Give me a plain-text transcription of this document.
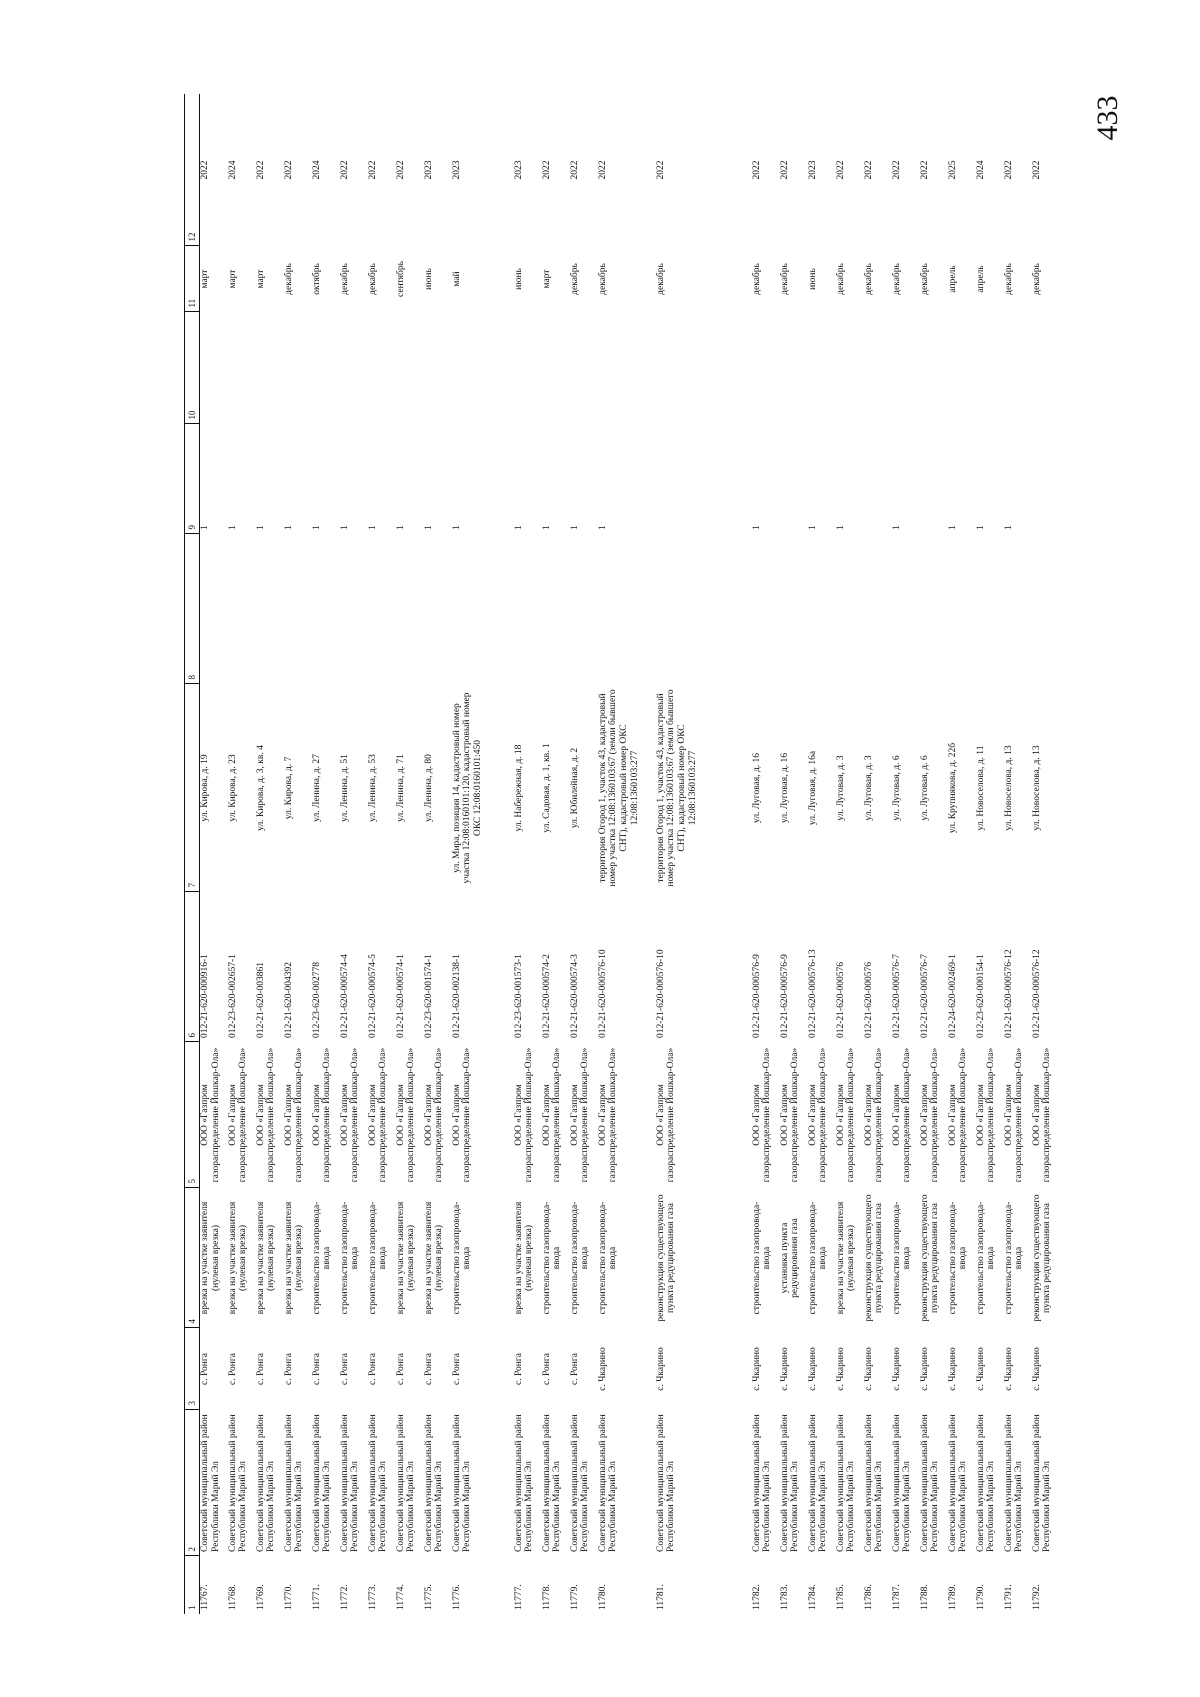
433
1	2	3	4	5	6	7	8	9	10	11	12
11767.	Советский муниципальный район Республики Марий Эл	с. Ронга	врезка на участке заявителя (нулевая врезка)	ООО «Газпром газораспределение Йошкар-Ола»	012-21-620-000916-1	ул. Кирова, д. 19		1		март	2022
11768.	Советский муниципальный район Республики Марий Эл	с. Ронга	врезка на участке заявителя (нулевая врезка)	ООО «Газпром газораспределение Йошкар-Ола»	012-23-620-002657-1	ул. Кирова, д. 23		1		март	2024
11769.	Советский муниципальный район Республики Марий Эл	с. Ронга	врезка на участке заявителя (нулевая врезка)	ООО «Газпром газораспределение Йошкар-Ола»	012-21-620-003861	ул. Кирова, д. 3, кв. 4		1		март	2022
11770.	Советский муниципальный район Республики Марий Эл	с. Ронга	врезка на участке заявителя (нулевая врезка)	ООО «Газпром газораспределение Йошкар-Ола»	012-21-620-004392	ул. Кирова, д. 7		1		декабрь	2022
11771.	Советский муниципальный район Республики Марий Эл	с. Ронга	строительство газопровода-ввода	ООО «Газпром газораспределение Йошкар-Ола»	012-23-620-002778	ул. Ленина, д. 27		1		октябрь	2024
11772.	Советский муниципальный район Республики Марий Эл	с. Ронга	строительство газопровода-ввода	ООО «Газпром газораспределение Йошкар-Ола»	012-21-620-000574-4	ул. Ленина, д. 51		1		декабрь	2022
11773.	Советский муниципальный район Республики Марий Эл	с. Ронга	строительство газопровода-ввода	ООО «Газпром газораспределение Йошкар-Ола»	012-21-620-000574-5	ул. Ленина, д. 53		1		декабрь	2022
11774.	Советский муниципальный район Республики Марий Эл	с. Ронга	врезка на участке заявителя (нулевая врезка)	ООО «Газпром газораспределение Йошкар-Ола»	012-21-620-000574-1	ул. Ленина, д. 71		1		сентябрь	2022
11775.	Советский муниципальный район Республики Марий Эл	с. Ронга	врезка на участке заявителя (нулевая врезка)	ООО «Газпром газораспределение Йошкар-Ола»	012-23-620-001574-1	ул. Ленина, д. 80		1		июнь	2023
11776.	Советский муниципальный район Республики Марий Эл	с. Ронга	строительство газопровода-ввода	ООО «Газпром газораспределение Йошкар-Ола»	012-21-620-002138-1	ул. Мира, позиция 14, кадастровый номер участка 12:08:0160101:120, кадастровый номер ОКС 12:08:0160101:450		1		май	2023

11777.	Советский муниципальный район Республики Марий Эл	с. Ронга	врезка на участке заявителя (нулевая врезка)	ООО «Газпром газораспределение Йошкар-Ола»	012-23-620-001573-1	ул. Набережная, д. 18		1		июнь	2023
11778.	Советский муниципальный район Республики Марий Эл	с. Ронга	строительство газопровода-ввода	ООО «Газпром газораспределение Йошкар-Ола»	012-21-620-000574-2	ул. Садовая, д. 1, кв. 1		1		март	2022
11779.	Советский муниципальный район Республики Марий Эл	с. Ронга	строительство газопровода-ввода	ООО «Газпром газораспределение Йошкар-Ола»	012-21-620-000574-3	ул. Юбилейная, д. 2		1		декабрь	2022
11780.	Советский муниципальный район Республики Марий Эл	с. Чкарино	строительство газопровода-ввода	ООО «Газпром газораспределение Йошкар-Ола»	012-21-620-000576-10	территория Огород 1, участок 43, кадастровый номер участка 12:08:1360103:67 (земли бывшего СНТ), кадастровый номер ОКС 12:08:1360103:277		1		декабрь	2022
11781.	Советский муниципальный район Республики Марий Эл	с. Чкарино	реконструкция существующего пункта редуцирования газа	ООО «Газпром газораспределение Йошкар-Ола»	012-21-620-000576-10	территория Огород 1, участок 43, кадастровый номер участка 12:08:1360103:67 (земли бывшего СНТ), кадастровый номер ОКС 12:08:1360103:277				декабрь	2022

11782.	Советский муниципальный район Республики Марий Эл	с. Чкарино	строительство газопровода-ввода	ООО «Газпром газораспределение Йошкар-Ола»	012-21-620-000576-9	ул. Луговая, д. 16		1		декабрь	2022
11783.	Советский муниципальный район Республики Марий Эл	с. Чкарино	установка пункта редуцирования газа	ООО «Газпром газораспределение Йошкар-Ола»	012-21-620-000576-9	ул. Луговая, д. 16				декабрь	2022
11784.	Советский муниципальный район Республики Марий Эл	с. Чкарино	строительство газопровода-ввода	ООО «Газпром газораспределение Йошкар-Ола»	012-21-620-000576-13	ул. Луговая, д. 16а		1		июнь	2023
11785.	Советский муниципальный район Республики Марий Эл	с. Чкарино	врезка на участке заявителя (нулевая врезка)	ООО «Газпром газораспределение Йошкар-Ола»	012-21-620-000576	ул. Луговая, д. 3		1		декабрь	2022
11786.	Советский муниципальный район Республики Марий Эл	с. Чкарино	реконструкция существующего пункта редуцирования газа	ООО «Газпром газораспределение Йошкар-Ола»	012-21-620-000576	ул. Луговая, д. 3				декабрь	2022
11787.	Советский муниципальный район Республики Марий Эл	с. Чкарино	строительство газопровода-ввода	ООО «Газпром газораспределение Йошкар-Ола»	012-21-620-000576-7	ул. Луговая, д. 6		1		декабрь	2022
11788.	Советский муниципальный район Республики Марий Эл	с. Чкарино	реконструкция существующего пункта редуцирования газа	ООО «Газпром газораспределение Йошкар-Ола»	012-21-620-000576-7	ул. Луговая, д. 6				декабрь	2022
11789.	Советский муниципальный район Республики Марий Эл	с. Чкарино	строительство газопровода-ввода	ООО «Газпром газораспределение Йошкар-Ола»	012-24-620-002469-1	ул. Крупнякова, д. 22б		1		апрель	2025
11790.	Советский муниципальный район Республики Марий Эл	с. Чкарино	строительство газопровода-ввода	ООО «Газпром газораспределение Йошкар-Ола»	012-23-620-000154-1	ул. Новоселова, д. 11		1		апрель	2024
11791.	Советский муниципальный район Республики Марий Эл	с. Чкарино	строительство газопровода-ввода	ООО «Газпром газораспределение Йошкар-Ола»	012-21-620-000576-12	ул. Новоселова, д. 13		1		декабрь	2022
11792.	Советский муниципальный район Республики Марий Эл	с. Чкарино	реконструкция существующего пункта редуцирования газа	ООО «Газпром газораспределение Йошкар-Ола»	012-21-620-000576-12	ул. Новоселова, д. 13				декабрь	2022
